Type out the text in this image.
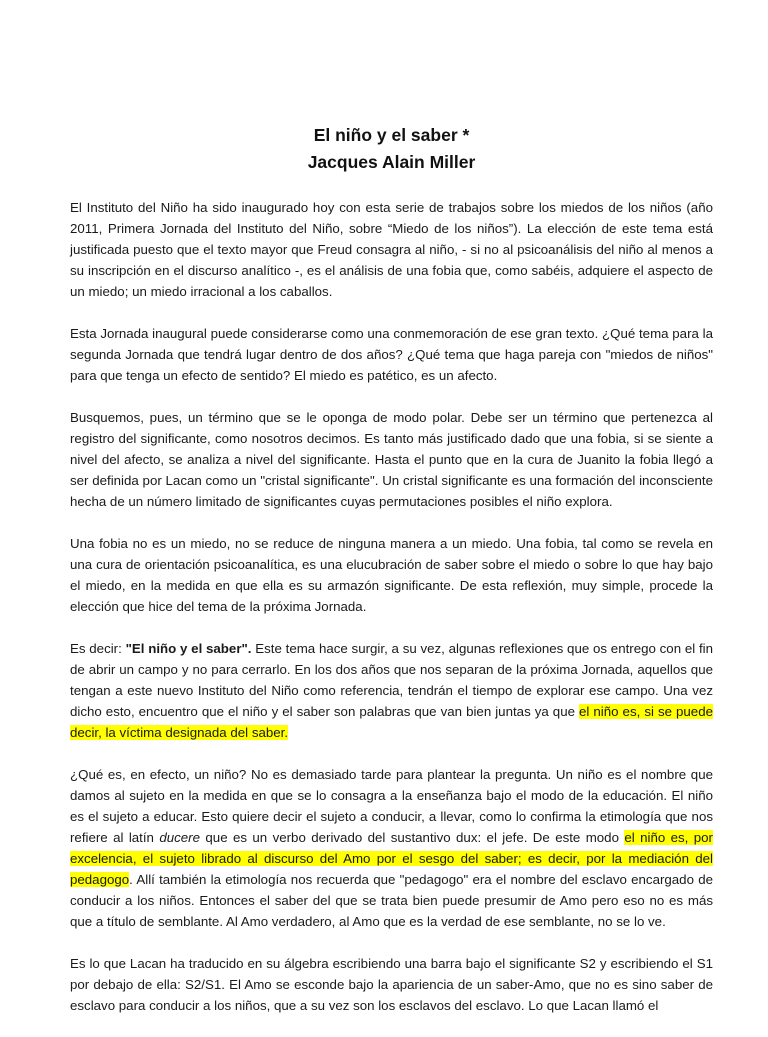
El niño y el saber *
Jacques Alain Miller

El Instituto del Niño ha sido inaugurado hoy con esta serie de trabajos sobre los miedos de los niños (año 2011, Primera Jornada del Instituto del Niño, sobre “Miedo de los niños”). La elección de este tema está justificada puesto que el texto mayor que Freud consagra al niño, - si no al psicoanálisis del niño al menos a su inscripción en el discurso analítico -, es el análisis de una fobia que, como sabéis, adquiere el aspecto de un miedo; un miedo irracional a los caballos.

Esta Jornada inaugural puede considerarse como una conmemoración de ese gran texto. ¿Qué tema para la segunda Jornada que tendrá lugar dentro de dos años? ¿Qué tema que haga pareja con "miedos de niños" para que tenga un efecto de sentido? El miedo es patético, es un afecto.

Busquemos, pues, un término que se le oponga de modo polar. Debe ser un término que pertenezca al registro del significante, como nosotros decimos. Es tanto más justificado dado que una fobia, si se siente a nivel del afecto, se analiza a nivel del significante. Hasta el punto que en la cura de Juanito la fobia llegó a ser definida por Lacan como un "cristal significante". Un cristal significante es una formación del inconsciente hecha de un número limitado de significantes cuyas permutaciones posibles el niño explora.

Una fobia no es un miedo, no se reduce de ninguna manera a un miedo. Una fobia, tal como se revela en una cura de orientación psicoanalítica, es una elucubración de saber sobre el miedo o sobre lo que hay bajo el miedo, en la medida en que ella es su armazón significante. De esta reflexión, muy simple, procede la elección que hice del tema de la próxima Jornada.

Es decir: "El niño y el saber". Este tema hace surgir, a su vez, algunas reflexiones que os entrego con el fin de abrir un campo y no para cerrarlo. En los dos años que nos separan de la próxima Jornada, aquellos que tengan a este nuevo Instituto del Niño como referencia, tendrán el tiempo de explorar ese campo. Una vez dicho esto, encuentro que el niño y el saber son palabras que van bien juntas ya que el niño es, si se puede decir, la víctima designada del saber.

¿Qué es, en efecto, un niño? No es demasiado tarde para plantear la pregunta. Un niño es el nombre que damos al sujeto en la medida en que se lo consagra a la enseñanza bajo el modo de la educación. El niño es el sujeto a educar. Esto quiere decir el sujeto a conducir, a llevar, como lo confirma la etimología que nos refiere al latín ducere que es un verbo derivado del sustantivo dux: el jefe. De este modo el niño es, por excelencia, el sujeto librado al discurso del Amo por el sesgo del saber; es decir, por la mediación del pedagogo. Allí también la etimología nos recuerda que "pedagogo" era el nombre del esclavo encargado de conducir a los niños. Entonces el saber del que se trata bien puede presumir de Amo pero eso no es más que a título de semblante. Al Amo verdadero, al Amo que es la verdad de ese semblante, no se lo ve.

Es lo que Lacan ha traducido en su álgebra escribiendo una barra bajo el significante S2 y escribiendo el S1 por debajo de ella: S2/S1. El Amo se esconde bajo la apariencia de un saber-Amo, que no es sino saber de esclavo para conducir a los niños, que a su vez son los esclavos del esclavo. Lo que Lacan llamó el
